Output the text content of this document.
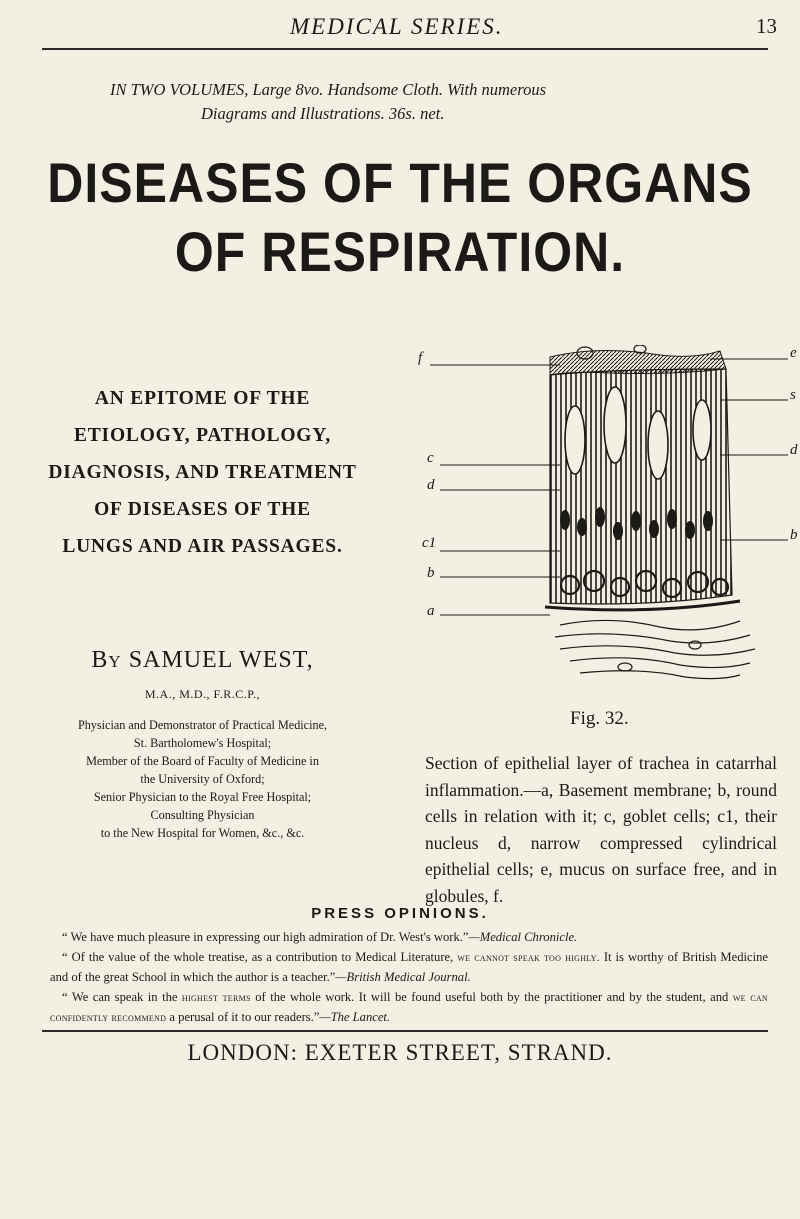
MEDICAL SERIES.	13
IN TWO VOLUMES, Large 8vo. Handsome Cloth. With numerous
Diagrams and Illustrations. 36s. net.
DISEASES OF THE ORGANS
OF RESPIRATION.
AN EPITOME OF THE
ETIOLOGY, PATHOLOGY,
DIAGNOSIS, AND TREATMENT
OF DISEASES OF THE
LUNGS AND AIR PASSAGES.
By SAMUEL WEST,
M.A., M.D., F.R.C.P.,
Physician and Demonstrator of Practical Medicine,
St. Bartholomew's Hospital;
Member of the Board of Faculty of Medicine in
the University of Oxford;
Senior Physician to the Royal Free Hospital;
Consulting Physician
to the New Hospital for Women, &c., &c.
f	e
s
c	d
d
c1
b
b
a
Fig. 32.
Section of epithelial layer of trachea in catarrhal inflammation.—a, Basement membrane; b, round cells in relation with it; c, goblet cells; c1, their nucleus d, narrow compressed cylindrical epithelial cells; e, mucus on surface free, and in globules, f.
PRESS OPINIONS.

“ We have much pleasure in expressing our high admiration of Dr. West's work.”—Medical Chronicle.

“ Of the value of the whole treatise, as a contribution to Medical Literature, we cannot speak too highly. It is worthy of British Medicine and of the great School in which the author is a teacher.”—British Medical Journal.

“ We can speak in the highest terms of the whole work. It will be found useful both by the practitioner and by the student, and we can confidently recommend a perusal of it to our readers.”—The Lancet.

LONDON: EXETER STREET, STRAND.
